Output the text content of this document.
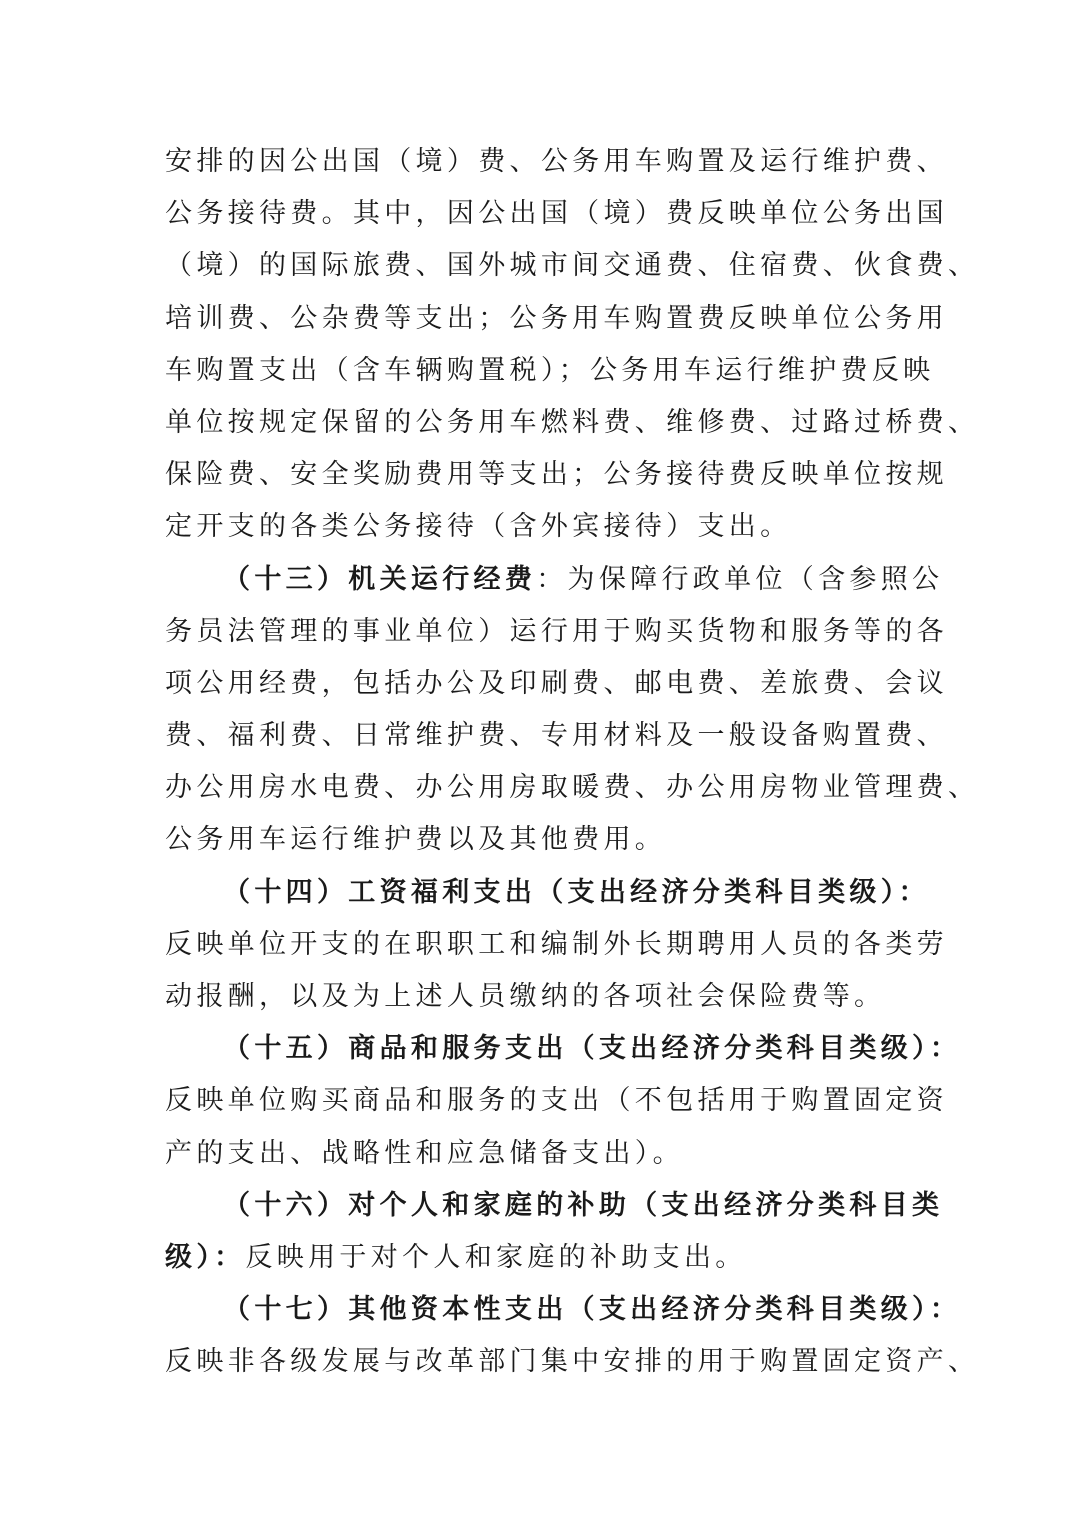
安排的因公出国（境）费、公务用车购置及运行维护费、
公务接待费。其中，因公出国（境）费反映单位公务出国
（境）的国际旅费、国外城市间交通费、住宿费、伙食费、
培训费、公杂费等支出；公务用车购置费反映单位公务用
车购置支出（含车辆购置税）；公务用车运行维护费反映
单位按规定保留的公务用车燃料费、维修费、过路过桥费、
保险费、安全奖励费用等支出；公务接待费反映单位按规
定开支的各类公务接待（含外宾接待）支出。
（十三）机关运行经费：为保障行政单位（含参照公
务员法管理的事业单位）运行用于购买货物和服务等的各
项公用经费，包括办公及印刷费、邮电费、差旅费、会议
费、福利费、日常维护费、专用材料及一般设备购置费、
办公用房水电费、办公用房取暖费、办公用房物业管理费、
公务用车运行维护费以及其他费用。
（十四）工资福利支出（支出经济分类科目类级）：
反映单位开支的在职职工和编制外长期聘用人员的各类劳
动报酬，以及为上述人员缴纳的各项社会保险费等。
（十五）商品和服务支出（支出经济分类科目类级）：
反映单位购买商品和服务的支出（不包括用于购置固定资
产的支出、战略性和应急储备支出）。
（十六）对个人和家庭的补助（支出经济分类科目类
级）：反映用于对个人和家庭的补助支出。
（十七）其他资本性支出（支出经济分类科目类级）：
反映非各级发展与改革部门集中安排的用于购置固定资产、
